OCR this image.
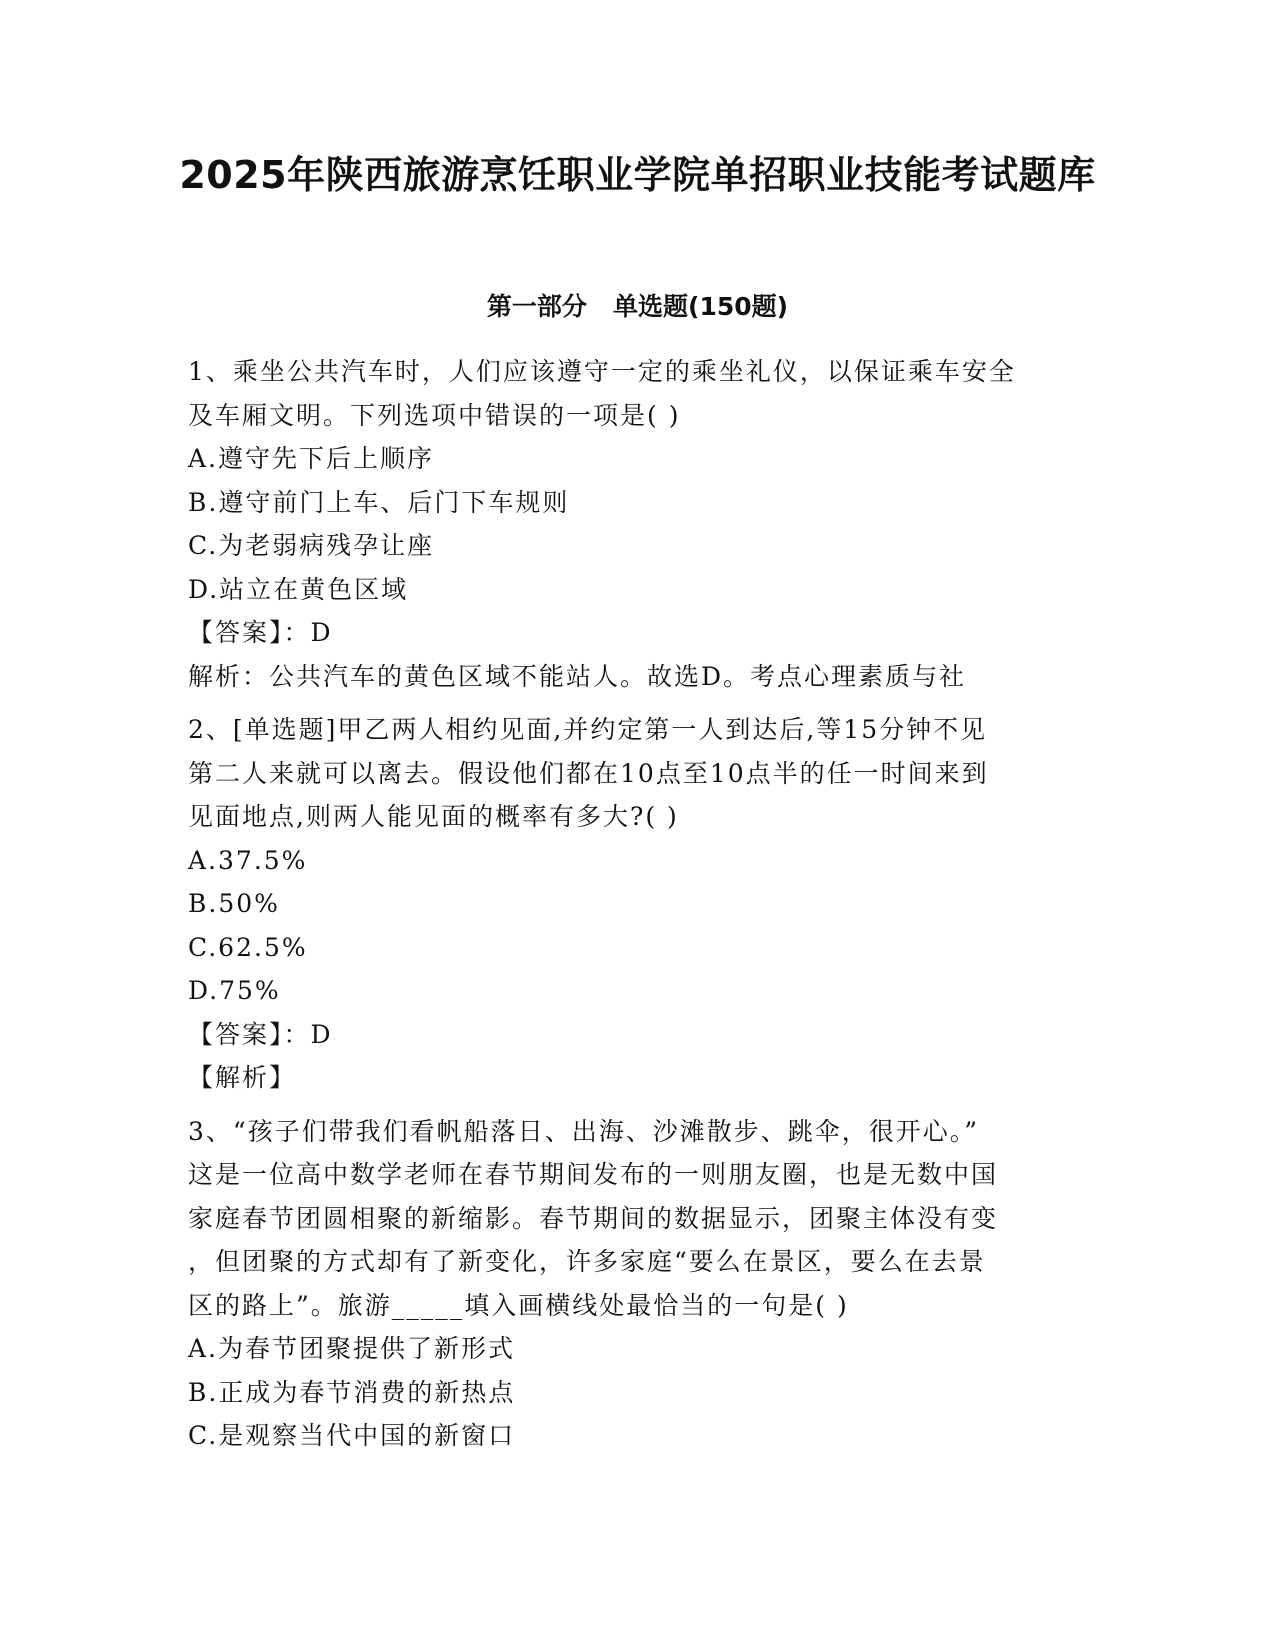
2025年陕西旅游烹饪职业学院单招职业技能考试题库
第一部分   单选题(150题)
1、乘坐公共汽车时，人们应该遵守一定的乘坐礼仪，以保证乘车安全
及车厢文明。下列选项中错误的一项是( )
A.遵守先下后上顺序
B.遵守前门上车、后门下车规则
C.为老弱病残孕让座
D.站立在黄色区域
【答案】：D
解析：公共汽车的黄色区域不能站人。故选D。考点心理素质与社
2、[单选题]甲乙两人相约见面,并约定第一人到达后,等15分钟不见
第二人来就可以离去。假设他们都在10点至10点半的任一时间来到
见面地点,则两人能见面的概率有多大?( )
A.37.5%
B.50%
C.62.5%
D.75%
【答案】：D
【解析】
3、“孩子们带我们看帆船落日、出海、沙滩散步、跳伞，很开心。”
这是一位高中数学老师在春节期间发布的一则朋友圈，也是无数中国
家庭春节团圆相聚的新缩影。春节期间的数据显示，团聚主体没有变
，但团聚的方式却有了新变化，许多家庭“要么在景区，要么在去景
区的路上”。旅游_____填入画横线处最恰当的一句是( )
A.为春节团聚提供了新形式
B.正成为春节消费的新热点
C.是观察当代中国的新窗口
